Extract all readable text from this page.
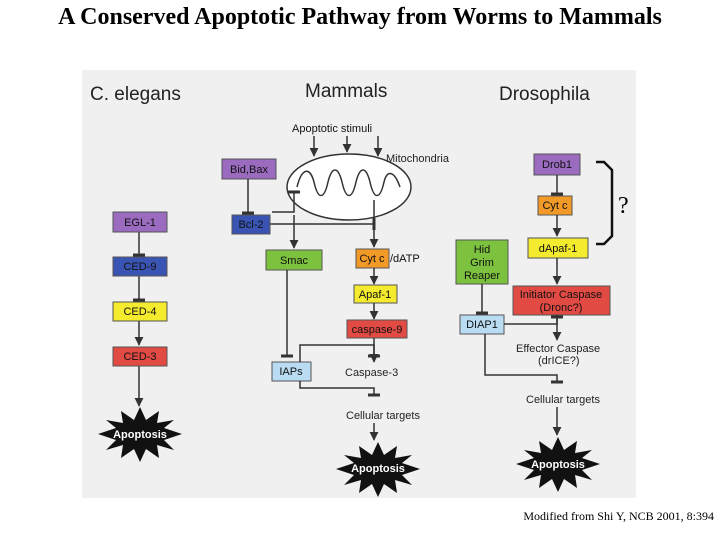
A Conserved Apoptotic Pathway from Worms to Mammals
C. elegans	Mammals	Drosophila
EGL-1
CED-9
CED-4
CED-3
Apoptosis
Apoptotic stimuli
Mitochondria
Bid,Bax
Bcl-2
Smac	Cyt c /dATP
Apaf-1
caspase-9
IAPs	Caspase-3
Cellular targets
Apoptosis
Drob1
Cyt c
dApaf-1
?
Initiator Caspase
(Dronc?)
Hid
Grim
Reaper
DIAP1
Effector Caspase
(drICE?)
Cellular targets
Apoptosis
Modified from Shi Y, NCB 2001, 8:394
